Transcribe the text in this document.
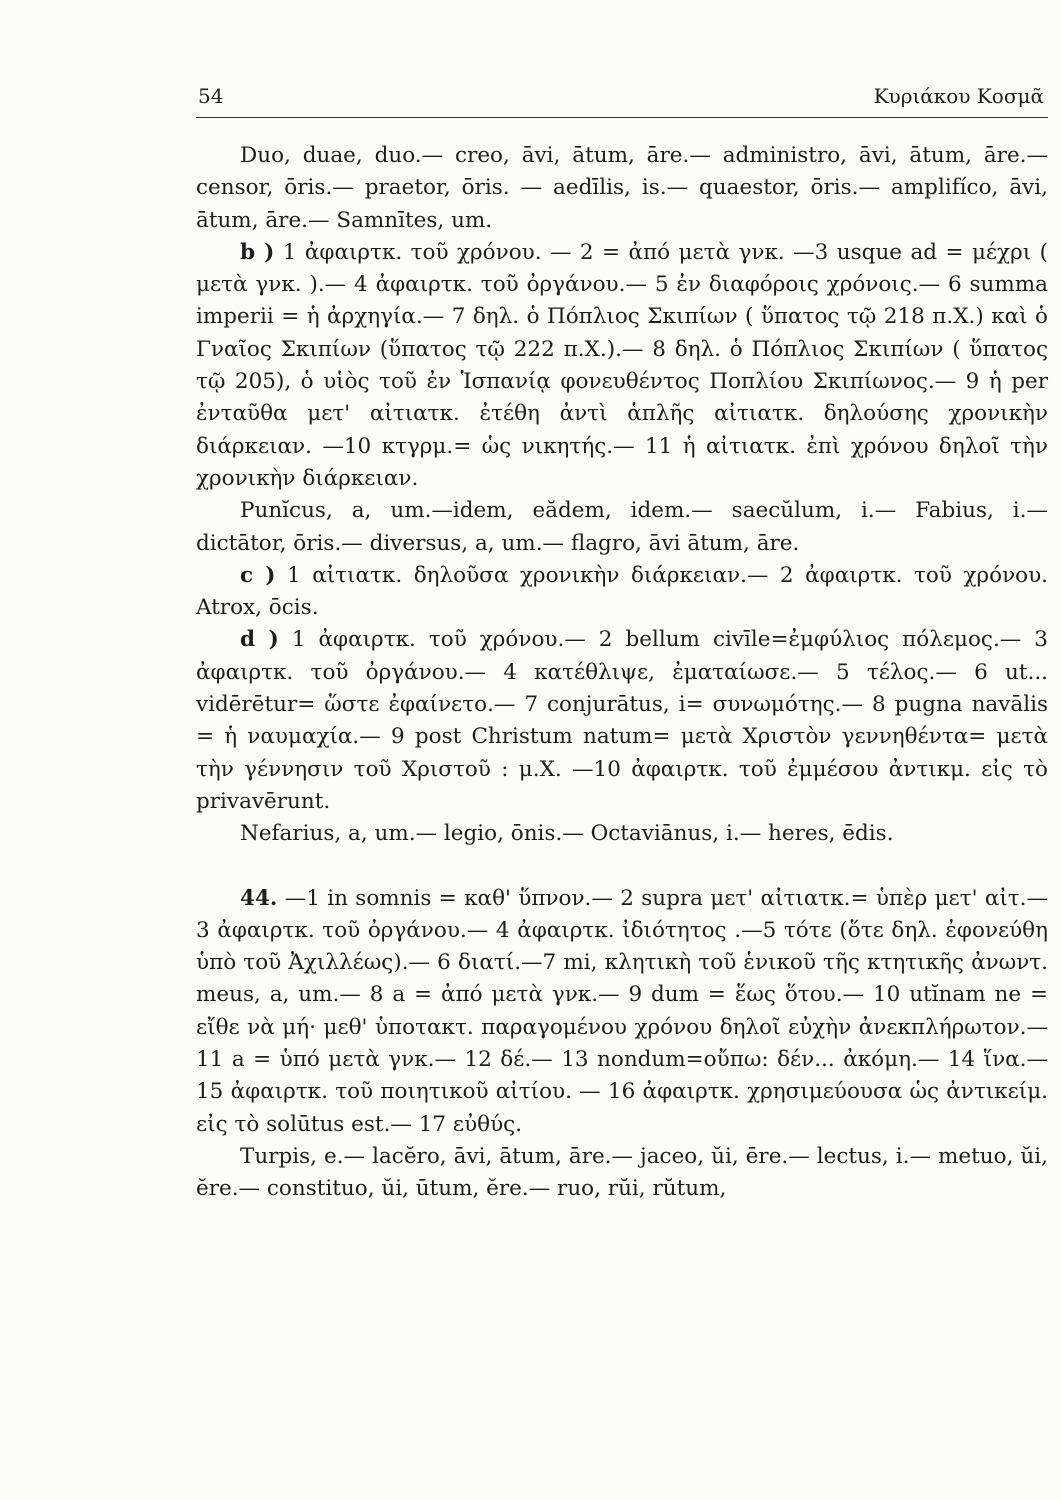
54	Κυριάκου Κοσμᾶ

Duo, duae, duo.— creo, āvi, ātum, āre.— administro, āvi, ātum, āre.— censor, ōris.— praetor, ōris. — aedīlis, is.— quaestor, ōris.— amplifíco, āvi, ātum, āre.— Samnītes, um.

b ) 1 ἀφαιρτκ. τοῦ χρόνου. — 2 = ἀπό μετὰ γνκ. —3 usque ad = μέχρι ( μετὰ γνκ. ).— 4 ἀφαιρτκ. τοῦ ὀργάνου.— 5 ἐν διαφόροις χρόνοις.— 6 summa imperii = ἡ ἀρχηγία.— 7 δηλ. ὁ Πόπλιος Σκιπίων ( ὕπατος τῷ 218 π.Χ.) καὶ ὁ Γναῖος Σκιπίων (ὕπατος τῷ 222 π.Χ.).— 8 δηλ. ὁ Πόπλιος Σκιπίων ( ὕπατος τῷ 205), ὁ υἱὸς τοῦ ἐν Ἱσπανίᾳ φονευθέντος Ποπλίου Σκιπίωνος.— 9 ἡ per ἐνταῦθα μετ' αἰτιατκ. ἐτέθη ἀντὶ ἁπλῆς αἰτιατκ. δηλούσης χρονικὴν διάρκειαν. —10 κτγρμ.= ὡς νικητής.— 11 ἡ αἰτιατκ. ἐπὶ χρόνου δηλοῖ τὴν χρονικὴν διάρκειαν.

Punĭcus, a, um.—idem, eădem, idem.— saecŭlum, i.— Fabius, i.— dictātor, ōris.— diversus, a, um.— flagro, āvi ātum, āre.

c ) 1 αἰτιατκ. δηλοῦσα χρονικὴν διάρκειαν.— 2 ἀφαιρτκ. τοῦ χρόνου. Atrox, ōcis.

d ) 1 ἀφαιρτκ. τοῦ χρόνου.— 2 bellum civīle=ἐμφύλιος πόλεμος.— 3 ἀφαιρτκ. τοῦ ὀργάνου.— 4 κατέθλιψε, ἐματαίωσε.— 5 τέλος.— 6 ut... vidērētur= ὥστε ἐφαίνετο.— 7 conjurātus, i= συνωμότης.— 8 pugna navālis = ἡ ναυμαχία.— 9 post Christum natum= μετὰ Χριστὸν γεννηθέντα= μετὰ τὴν γέννησιν τοῦ Χριστοῦ : μ.Χ. —10 ἀφαιρτκ. τοῦ ἐμμέσου ἀντικμ. εἰς τὸ privavērunt.

Nefarius, a, um.— legio, ōnis.— Octaviānus, i.— heres, ēdis.

44. —1 in somnis = καθ' ὕπνον.— 2 supra μετ' αἰτιατκ.= ὑπὲρ μετ' αἰτ.— 3 ἀφαιρτκ. τοῦ ὀργάνου.— 4 ἀφαιρτκ. ἰδιότητος .—5 τότε (ὅτε δηλ. ἐφονεύθη ὑπὸ τοῦ Ἀχιλλέως).— 6 διατί.—7 mi, κλητικὴ τοῦ ἑνικοῦ τῆς κτητικῆς ἀνωντ. meus, a, um.— 8 a = ἀπό μετὰ γνκ.— 9 dum = ἕως ὅτου.— 10 utĭnam ne = εἴθε νὰ μή· μεθ' ὑποτακτ. παραγομένου χρόνου δηλοῖ εὐχὴν ἀνεκπλήρωτον.— 11 a = ὑπό μετὰ γνκ.— 12 δέ.— 13 nondum=οὔπω: δέν... ἀκόμη.— 14 ἵνα.— 15 ἀφαιρτκ. τοῦ ποιητικοῦ αἰτίου. — 16 ἀφαιρτκ. χρησιμεύουσα ὡς ἀντικείμ. εἰς τὸ solūtus est.— 17 εὐθύς.

Turpis, e.— lacĕro, āvi, ātum, āre.— jaceo, ŭi, ēre.— lectus, i.— metuo, ŭi, ĕre.— constituo, ŭi, ūtum, ĕre.— ruo, rŭi, rŭtum,
